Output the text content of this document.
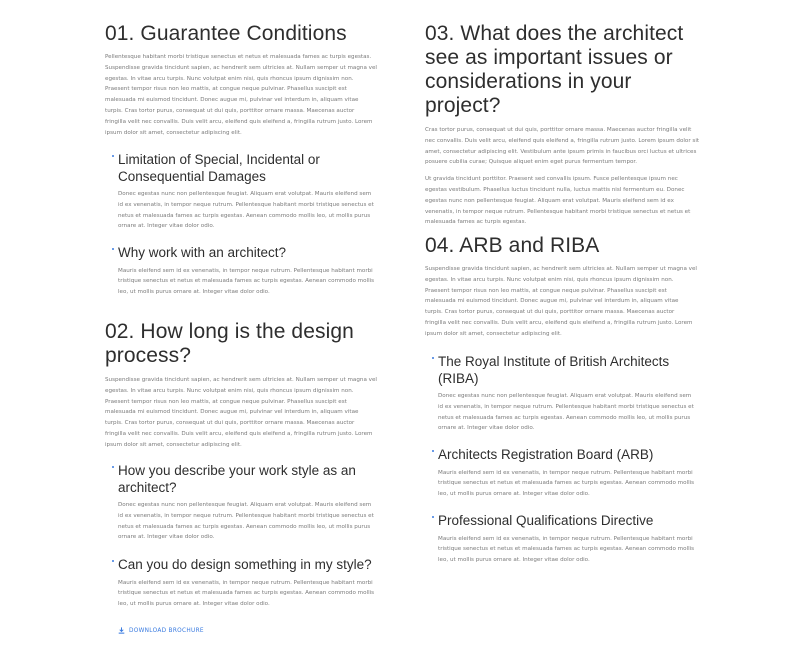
01. Guarantee Conditions

Pellentesque habitant morbi tristique senectus et netus et malesuada fames ac turpis egestas. Suspendisse gravida tincidunt sapien, ac hendrerit sem ultricies at. Nullam semper ut magna vel egestas. In vitae arcu turpis. Nunc volutpat enim nisi, quis rhoncus ipsum dignissim non. Praesent tempor risus non leo mattis, at congue neque pulvinar. Phasellus suscipit est malesuada mi euismod tincidunt. Donec augue mi, pulvinar vel interdum in, aliquam vitae turpis. Cras tortor purus, consequat ut dui quis, porttitor ornare massa. Maecenas auctor fringilla velit nec convallis. Duis velit arcu, eleifend quis eleifend a, fringilla rutrum justo. Lorem ipsum dolor sit amet, consectetur adipiscing elit.

Limitation of Special, Incidental or Consequential Damages

Donec egestas nunc non pellentesque feugiat. Aliquam erat volutpat. Mauris eleifend sem id ex venenatis, in tempor neque rutrum. Pellentesque habitant morbi tristique senectus et netus et malesuada fames ac turpis egestas. Aenean commodo mollis leo, ut mollis purus ornare at. Integer vitae dolor odio.

Why work with an architect?

Mauris eleifend sem id ex venenatis, in tempor neque rutrum. Pellentesque habitant morbi tristique senectus et netus et malesuada fames ac turpis egestas. Aenean commodo mollis leo, ut mollis purus ornare at. Integer vitae dolor odio.

02. How long is the design process?

Suspendisse gravida tincidunt sapien, ac hendrerit sem ultricies at. Nullam semper ut magna vel egestas. In vitae arcu turpis. Nunc volutpat enim nisi, quis rhoncus ipsum dignissim non. Praesent tempor risus non leo mattis, at congue neque pulvinar. Phasellus suscipit est malesuada mi euismod tincidunt. Donec augue mi, pulvinar vel interdum in, aliquam vitae turpis. Cras tortor purus, consequat ut dui quis, porttitor ornare massa. Maecenas auctor fringilla velit nec convallis. Duis velit arcu, eleifend quis eleifend a, fringilla rutrum justo. Lorem ipsum dolor sit amet, consectetur adipiscing elit.

How you describe your work style as an architect?

Donec egestas nunc non pellentesque feugiat. Aliquam erat volutpat. Mauris eleifend sem id ex venenatis, in tempor neque rutrum. Pellentesque habitant morbi tristique senectus et netus et malesuada fames ac turpis egestas. Aenean commodo mollis leo, ut mollis purus ornare at. Integer vitae dolor odio.

Can you do design something in my style?

Mauris eleifend sem id ex venenatis, in tempor neque rutrum. Pellentesque habitant morbi tristique senectus et netus et malesuada fames ac turpis egestas. Aenean commodo mollis leo, ut mollis purus ornare at. Integer vitae dolor odio.

DOWNLOAD BROCHURE
03. What does the architect see as important issues or considerations in your project?

Cras tortor purus, consequat ut dui quis, porttitor ornare massa. Maecenas auctor fringilla velit nec convallis. Duis velit arcu, eleifend quis eleifend a, fringilla rutrum justo. Lorem ipsum dolor sit amet, consectetur adipiscing elit. Vestibulum ante ipsum primis in faucibus orci luctus et ultrices posuere cubilia curae; Quisque aliquet enim eget purus fermentum tempor.

Ut gravida tincidunt porttitor. Praesent sed convallis ipsum. Fusce pellentesque ipsum nec egestas vestibulum. Phasellus luctus tincidunt nulla, luctus mattis nisl fermentum eu. Donec egestas nunc non pellentesque feugiat. Aliquam erat volutpat. Mauris eleifend sem id ex venenatis, in tempor neque rutrum. Pellentesque habitant morbi tristique senectus et netus et malesuada fames ac turpis egestas.

04. ARB and RIBA

Suspendisse gravida tincidunt sapien, ac hendrerit sem ultricies at. Nullam semper ut magna vel egestas. In vitae arcu turpis. Nunc volutpat enim nisi, quis rhoncus ipsum dignissim non. Praesent tempor risus non leo mattis, at congue neque pulvinar. Phasellus suscipit est malesuada mi euismod tincidunt. Donec augue mi, pulvinar vel interdum in, aliquam vitae turpis. Cras tortor purus, consequat ut dui quis, porttitor ornare massa. Maecenas auctor fringilla velit nec convallis. Duis velit arcu, eleifend quis eleifend a, fringilla rutrum justo. Lorem ipsum dolor sit amet, consectetur adipiscing elit.

The Royal Institute of British Architects (RIBA)

Donec egestas nunc non pellentesque feugiat. Aliquam erat volutpat. Mauris eleifend sem id ex venenatis, in tempor neque rutrum. Pellentesque habitant morbi tristique senectus et netus et malesuada fames ac turpis egestas. Aenean commodo mollis leo, ut mollis purus ornare at. Integer vitae dolor odio.

Architects Registration Board (ARB)

Mauris eleifend sem id ex venenatis, in tempor neque rutrum. Pellentesque habitant morbi tristique senectus et netus et malesuada fames ac turpis egestas. Aenean commodo mollis leo, ut mollis purus ornare at. Integer vitae dolor odio.

Professional Qualifications Directive

Mauris eleifend sem id ex venenatis, in tempor neque rutrum. Pellentesque habitant morbi tristique senectus et netus et malesuada fames ac turpis egestas. Aenean commodo mollis leo, ut mollis purus ornare at. Integer vitae dolor odio.
